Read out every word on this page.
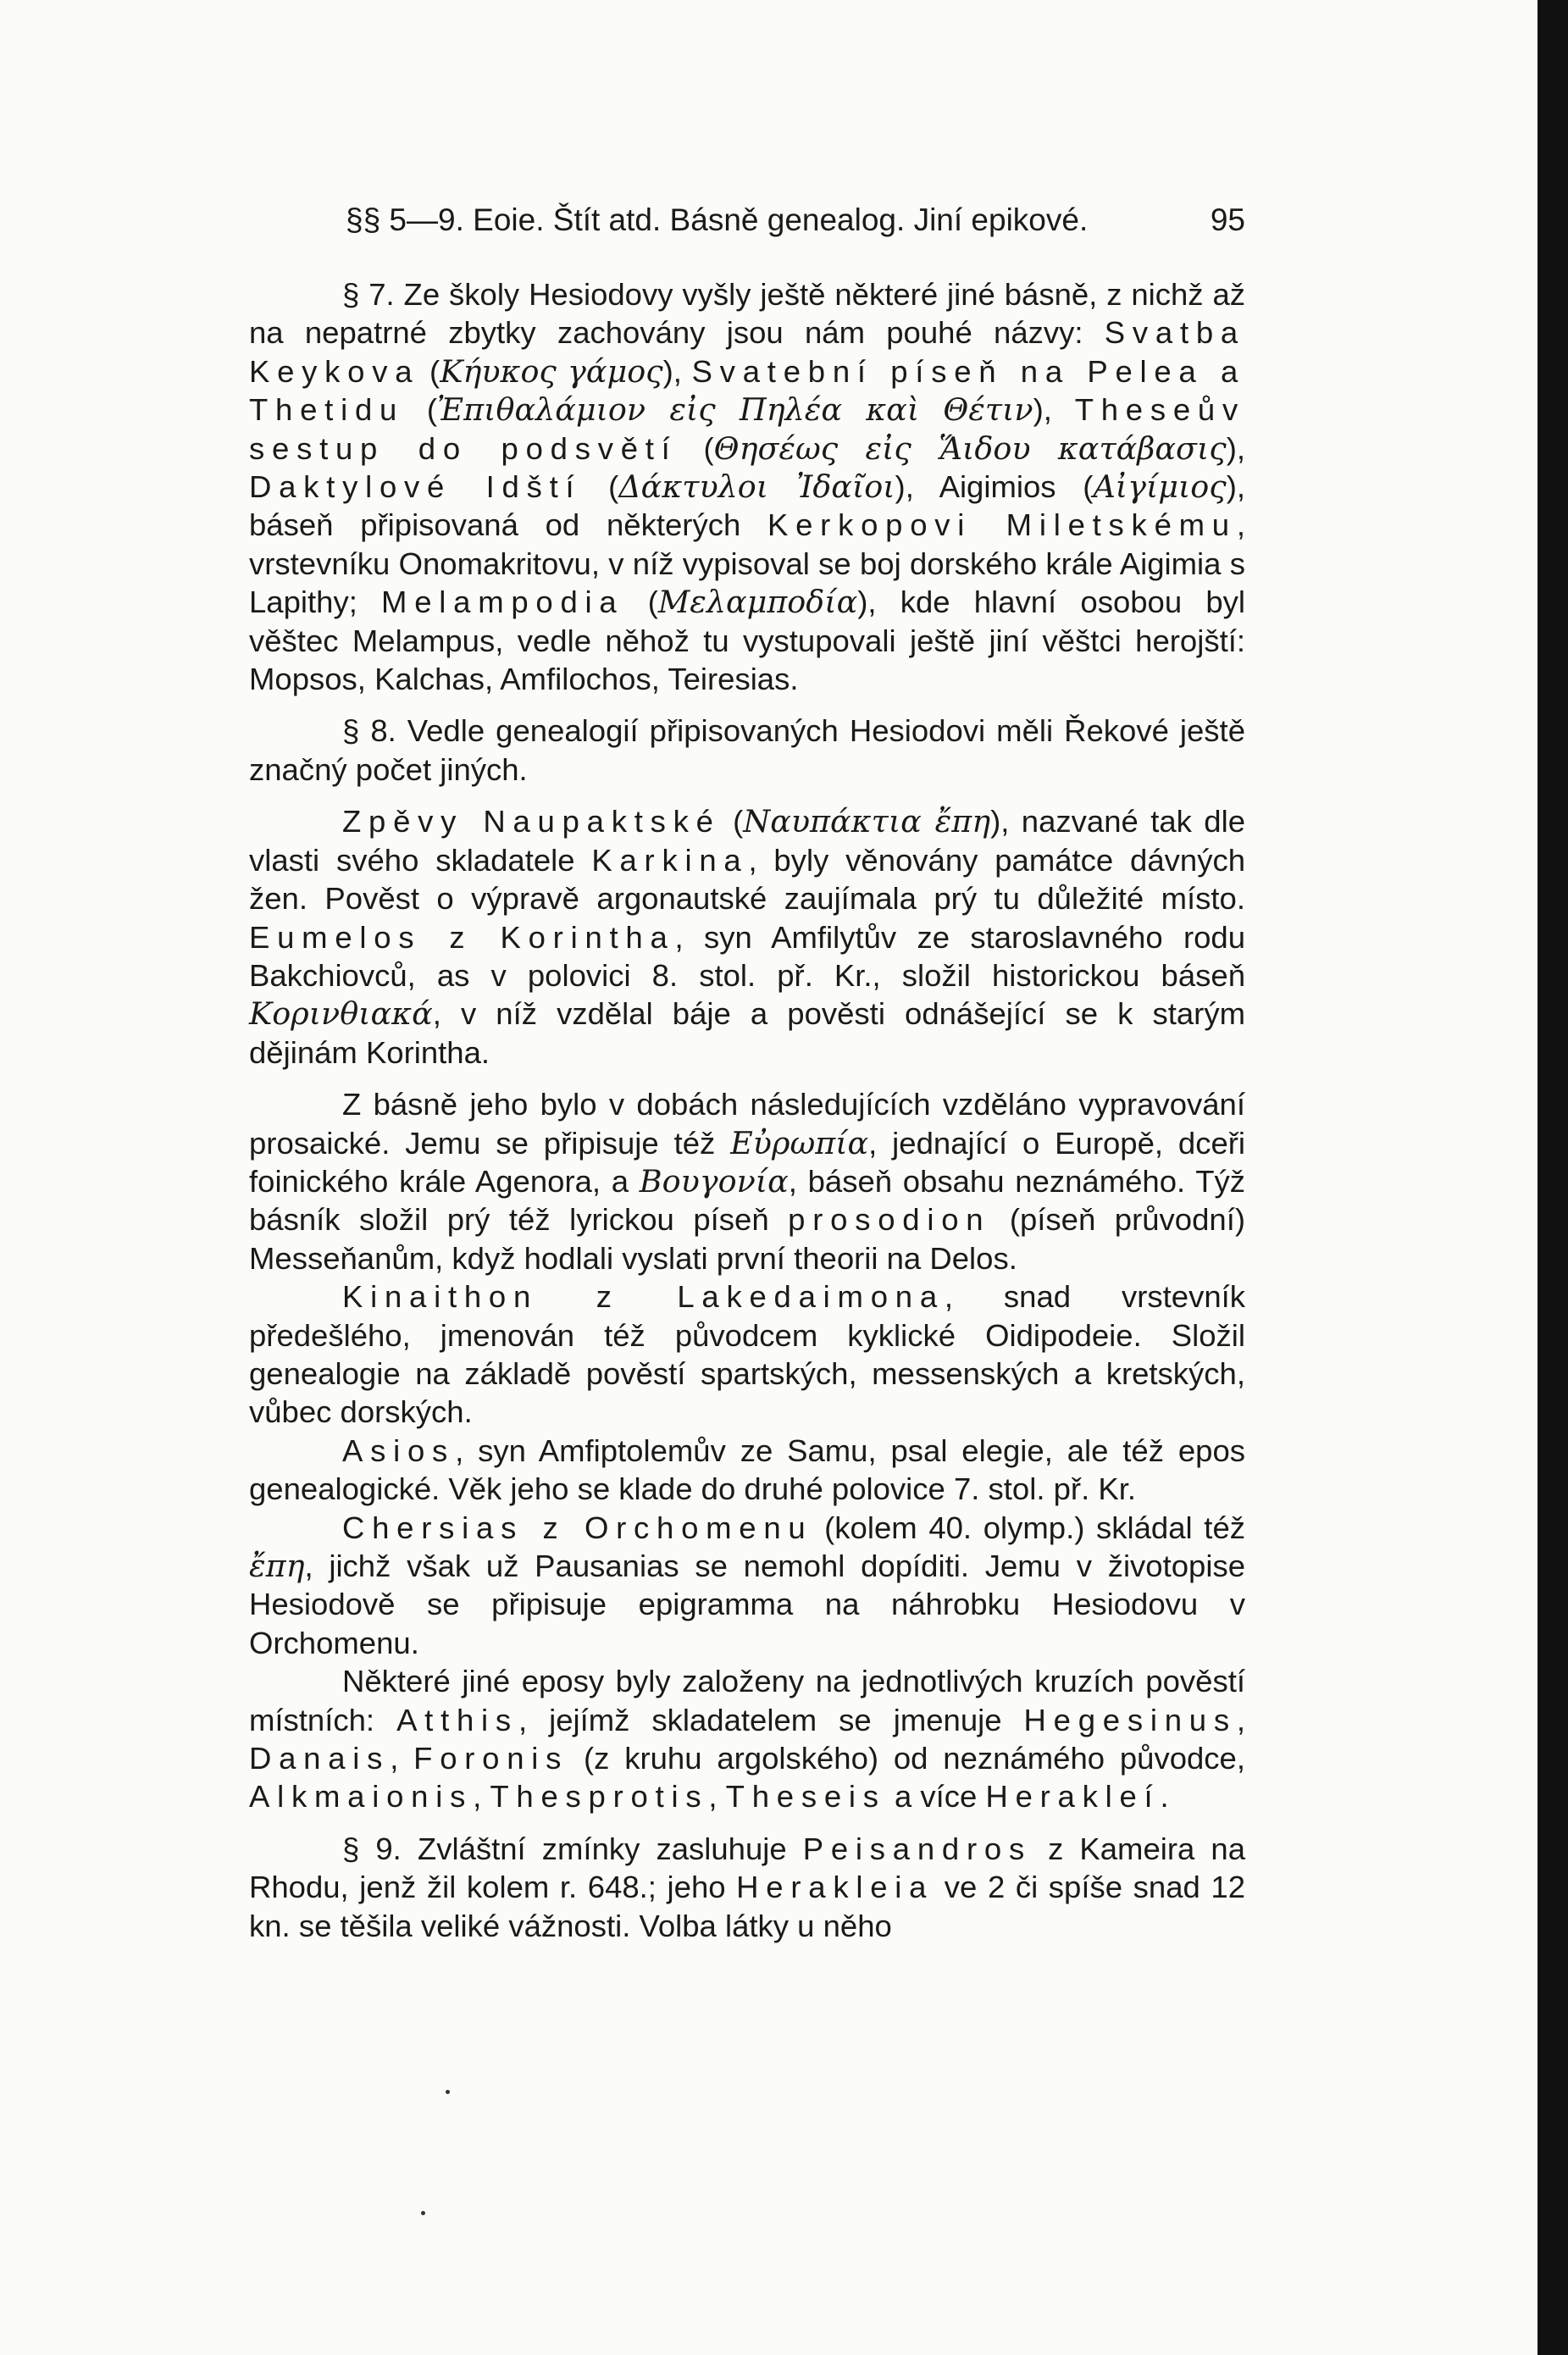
§§ 5—9. Eoie. Štít atd. Básně genealog. Jiní epikové.	95

§ 7. Ze školy Hesiodovy vyšly ještě některé jiné básně, z nichž až na nepatrné zbytky zachovány jsou nám pouhé názvy: Svatba Keykova (Κήυκος γάμος), Svatební píseň na Pelea a Thetidu (Ἐπιθαλάμιον εἰς Πηλέα καὶ Θέτιν), Theseův sestup do podsvětí (Θησέως εἰς Ἅιδου κατάβασις), Daktylové Idští (Δάκτυλοι Ἰδαῖοι), Aigimios (Αἰγίμιος), báseň připisovaná od některých Kerkopovi Miletskému, vrstevníku Onomakritovu, v níž vypisoval se boj dorského krále Aigimia s Lapithy; Melampodia (Μελαμποδία), kde hlavní osobou byl věštec Melampus, vedle něhož tu vystupovali ještě jiní věštci herojští: Mopsos, Kalchas, Amfilochos, Teiresias.

§ 8. Vedle genealogií připisovaných Hesiodovi měli Řekové ještě značný počet jiných.

Zpěvy Naupaktské (Ναυπάκτια ἔπη), nazvané tak dle vlasti svého skladatele Karkina, byly věnovány památce dávných žen. Pověst o výpravě argonautské zaujímala prý tu důležité místo. Eumelos z Korintha, syn Amfilytův ze staroslavného rodu Bakchiovců, as v polovici 8. stol. př. Kr., složil historickou báseň Κορινθιακά, v níž vzdělal báje a pověsti odnášející se k starým dějinám Korintha.

Z básně jeho bylo v dobách následujících vzděláno vypravování prosaické. Jemu se připisuje též Εὐρωπία, jednající o Europě, dceři foinického krále Agenora, a Βουγονία, báseň obsahu neznámého. Týž básník složil prý též lyrickou píseň prosodion (píseň průvodní) Messeňanům, když hodlali vyslati první theorii na Delos.

Kinaithon z Lakedaimona, snad vrstevník předešlého, jmenován též původcem kyklické Oidipodeie. Složil genealogie na základě pověstí spartských, messenských a kretských, vůbec dorských.

Asios, syn Amfiptolemův ze Samu, psal elegie, ale též epos genealogické. Věk jeho se klade do druhé polovice 7. stol. př. Kr.

Chersias z Orchomenu (kolem 40. olymp.) skládal též ἔπη, jichž však už Pausanias se nemohl dopíditi. Jemu v životopise Hesiodově se připisuje epigramma na náhrobku Hesiodovu v Orchomenu.

Některé jiné eposy byly založeny na jednotlivých kruzích pověstí místních: Atthis, jejímž skladatelem se jmenuje Hegesinus, Danais, Foronis (z kruhu argolského) od neznámého původce, Alkmaionis, Thesprotis, Theseis a více Herakleí.

§ 9. Zvláštní zmínky zasluhuje Peisandros z Kameira na Rhodu, jenž žil kolem r. 648.; jeho Herakleia ve 2 či spíše snad 12 kn. se těšila veliké vážnosti. Volba látky u něho
